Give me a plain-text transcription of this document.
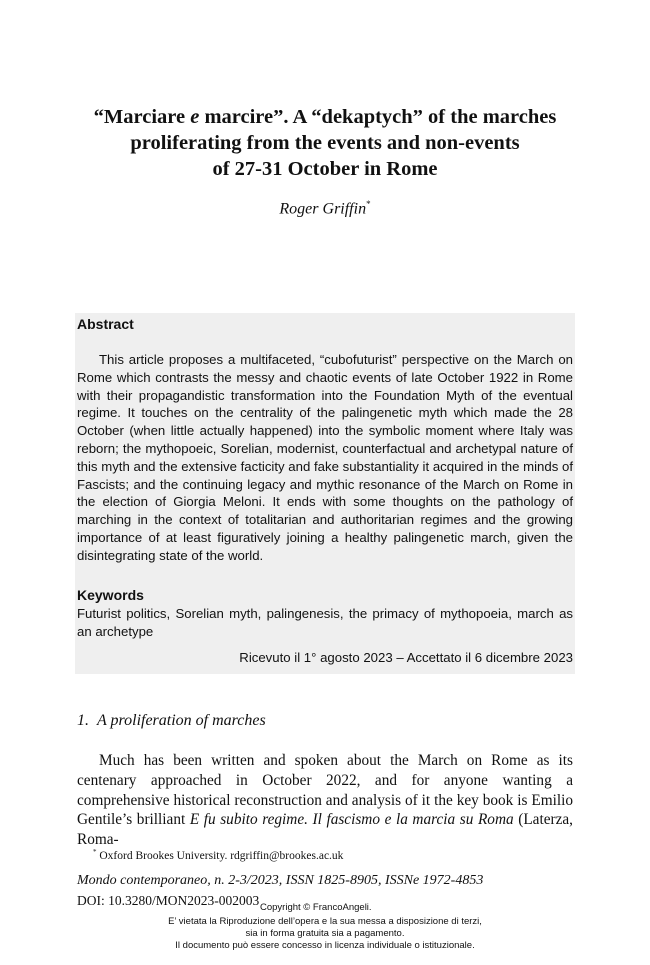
“Marciare e marcire”. A “dekaptych” of the marches
proliferating from the events and non-events
of 27-31 October in Rome
Roger Griffin*
Abstract
This article proposes a multifaceted, “cubofuturist” perspective on the March on Rome which contrasts the messy and chaotic events of late October 1922 in Rome with their propagandistic transformation into the Foundation Myth of the eventual regime. It touches on the centrality of the palingenetic myth which made the 28 October (when little actually happened) into the symbolic moment where Italy was reborn; the mythopoeic, Sorelian, modernist, counterfactual and archetypal nature of this myth and the extensive facticity and fake substantiality it acquired in the minds of Fascists; and the continuing legacy and mythic resonance of the March on Rome in the election of Giorgia Meloni. It ends with some thoughts on the pathology of marching in the context of totalitarian and authoritarian regimes and the growing importance of at least figuratively joining a healthy palingenetic march, given the disintegrating state of the world.
Keywords
Futurist politics, Sorelian myth, palingenesis, the primacy of mythopoeia, march as an archetype
Ricevuto il 1° agosto 2023 – Accettato il 6 dicembre 2023
1. A proliferation of marches
Much has been written and spoken about the March on Rome as its centenary approached in October 2022, and for anyone wanting a comprehensive historical reconstruction and analysis of it the key book is Emilio Gentile’s brilliant E fu subito regime. Il fascismo e la marcia su Roma (Laterza, Roma-
* Oxford Brookes University. rdgriffin@brookes.ac.uk
Mondo contemporaneo, n. 2-3/2023, ISSN 1825-8905, ISSNe 1972-4853
DOI: 10.3280/MON2023-002003 Copyright © FrancoAngeli.
E’ vietata la Riproduzione dell’opera e la sua messa a disposizione di terzi,
sia in forma gratuita sia a pagamento.
Il documento può essere concesso in licenza individuale o istituzionale.
